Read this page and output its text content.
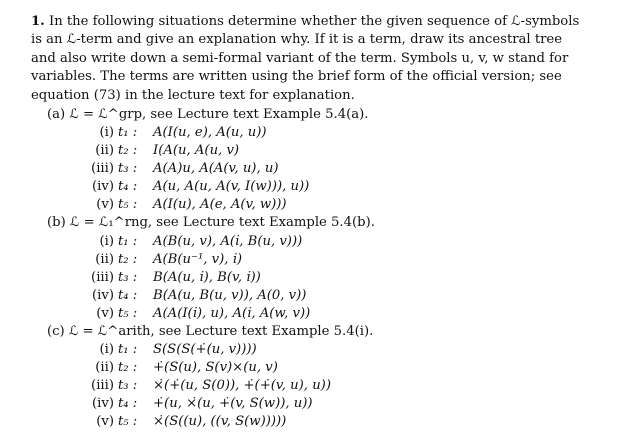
1. In the following situations determine whether the given sequence of ℒ-symbols
is an ℒ-term and give an explanation why. If it is a term, draw its ancestral tree
and also write down a semi-formal variant of the term. Symbols u, v, w stand for
variables. The terms are written using the brief form of the official version; see
equation (73) in the lecture text for explanation.
(a) ℒ = ℒ^grp, see Lecture text Example 5.4(a).
(i) t₁ : A(I(u, e), A(u, u))
(ii) t₂ : I(A(u, A(u, v)
(iii) t₃ : A(A)u, A(A(v, u), u)
(iv) t₄ : A(u, A(u, A(v, I(w))), u))
(v) t₅ : A(I(u), A(e, A(v, w)))
(b) ℒ = ℒ₁^rng, see Lecture text Example 5.4(b).
(i) t₁ : A(B(u, v), A(i̇, B(u, v)))
(ii) t₂ : A(B(u⁻¹, v), i̇)
(iii) t₃ : B(A(u, i̇), B(v, i̇))
(iv) t₄ : B(A(u, B(u, v)), A(0, v))
(v) t₅ : A(A(I(i̇), u), A(i̇, A(w, v))
(c) ℒ = ℒ^arith, see Lecture text Example 5.4(i).
(i) t₁ : S(S(S(+̇(u, v))))
(ii) t₂ : +̇(S(u), S(v)×(u, v)
(iii) t₃ : ×̇(+̇(u, S(0)), +̇(+̇(v, u), u))
(iv) t₄ : +̇(u, ×̇(u, +̇(v, S(w)), u))
(v) t₅ : ×̇(S((u), ((v, S(w)))))
